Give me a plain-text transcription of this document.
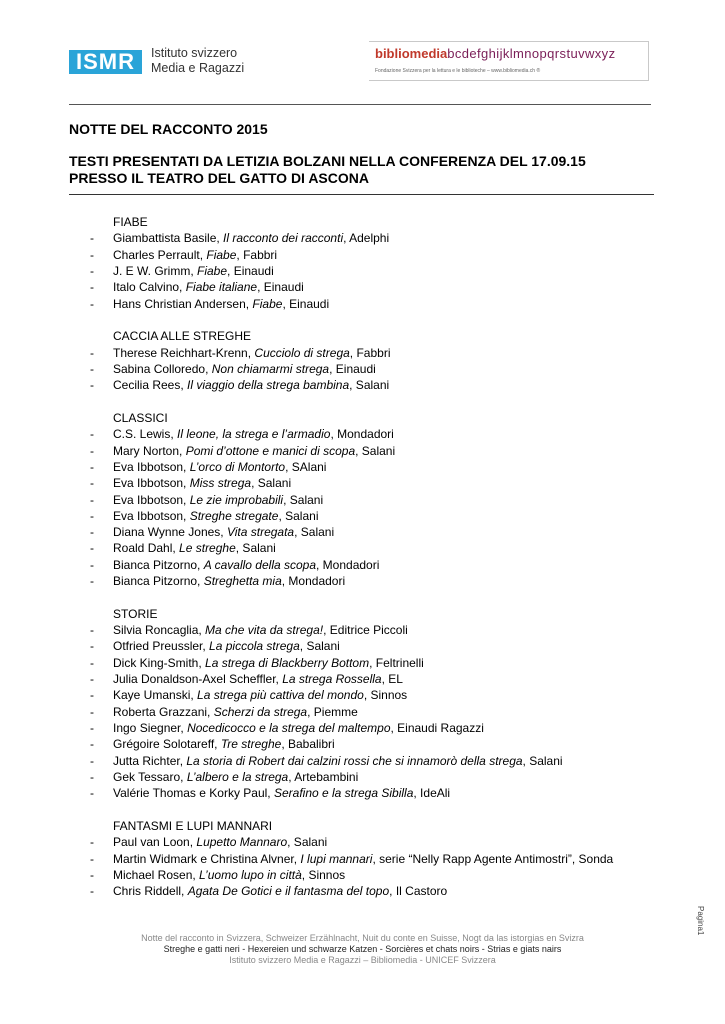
ISMR	Istituto svizzero
Media e Ragazzi
bibliomediabcdefghijklmnopqrstuvwxyz
Fondazione Svizzera per la lettura e le biblioteche – www.bibliomedia.ch ®
NOTTE DEL RACCONTO 2015
TESTI PRESENTATI DA LETIZIA BOLZANI NELLA CONFERENZA DEL 17.09.15
PRESSO IL TEATRO DEL GATTO DI ASCONA
FIABE
- Giambattista Basile, Il racconto dei racconti, Adelphi
- Charles Perrault, Fiabe, Fabbri
- J. E W. Grimm, Fiabe, Einaudi
- Italo Calvino, Fiabe italiane, Einaudi
- Hans Christian Andersen, Fiabe, Einaudi
CACCIA ALLE STREGHE
- Therese Reichhart-Krenn, Cucciolo di strega, Fabbri
- Sabina Colloredo, Non chiamarmi strega, Einaudi
- Cecilia Rees, Il viaggio della strega bambina, Salani
CLASSICI
- C.S. Lewis, Il leone, la strega e l’armadio, Mondadori
- Mary Norton, Pomi d’ottone e manici di scopa, Salani
- Eva Ibbotson, L’orco di Montorto, SAlani
- Eva Ibbotson, Miss strega, Salani
- Eva Ibbotson, Le zie improbabili, Salani
- Eva Ibbotson, Streghe stregate, Salani
- Diana Wynne Jones, Vita stregata, Salani
- Roald Dahl, Le streghe, Salani
- Bianca Pitzorno, A cavallo della scopa, Mondadori
- Bianca Pitzorno, Streghetta mia, Mondadori
STORIE
- Silvia Roncaglia, Ma che vita da strega!, Editrice Piccoli
- Otfried Preussler, La piccola strega, Salani
- Dick King-Smith, La strega di Blackberry Bottom, Feltrinelli
- Julia Donaldson-Axel Scheffler, La strega Rossella, EL
- Kaye Umanski, La strega più cattiva del mondo, Sinnos
- Roberta Grazzani, Scherzi da strega, Piemme
- Ingo Siegner, Nocedicocco e la strega del maltempo, Einaudi Ragazzi
- Grégoire Solotareff, Tre streghe, Babalibri
- Jutta Richter, La storia di Robert dai calzini rossi che si innamorò della strega, Salani
- Gek Tessaro, L’albero e la strega, Artebambini
- Valérie Thomas e Korky Paul, Serafino e la strega Sibilla, IdeAli
FANTASMI E LUPI MANNARI
- Paul van Loon, Lupetto Mannaro, Salani
- Martin Widmark e Christina Alvner, I lupi mannari, serie “Nelly Rapp Agente Antimostri”, Sonda
- Michael Rosen, L’uomo lupo in città, Sinnos
- Chris Riddell, Agata De Gotici e il fantasma del topo, Il Castoro
Notte del racconto in Svizzera, Schweizer Erzählnacht, Nuit du conte en Suisse, Nogt da las istorgias en Svizra
Streghe e gatti neri - Hexereien und schwarze Katzen - Sorcières et chats noirs - Strias e giats nairs
Istituto svizzero Media e Ragazzi – Bibliomedia - UNICEF Svizzera
Pagina1
